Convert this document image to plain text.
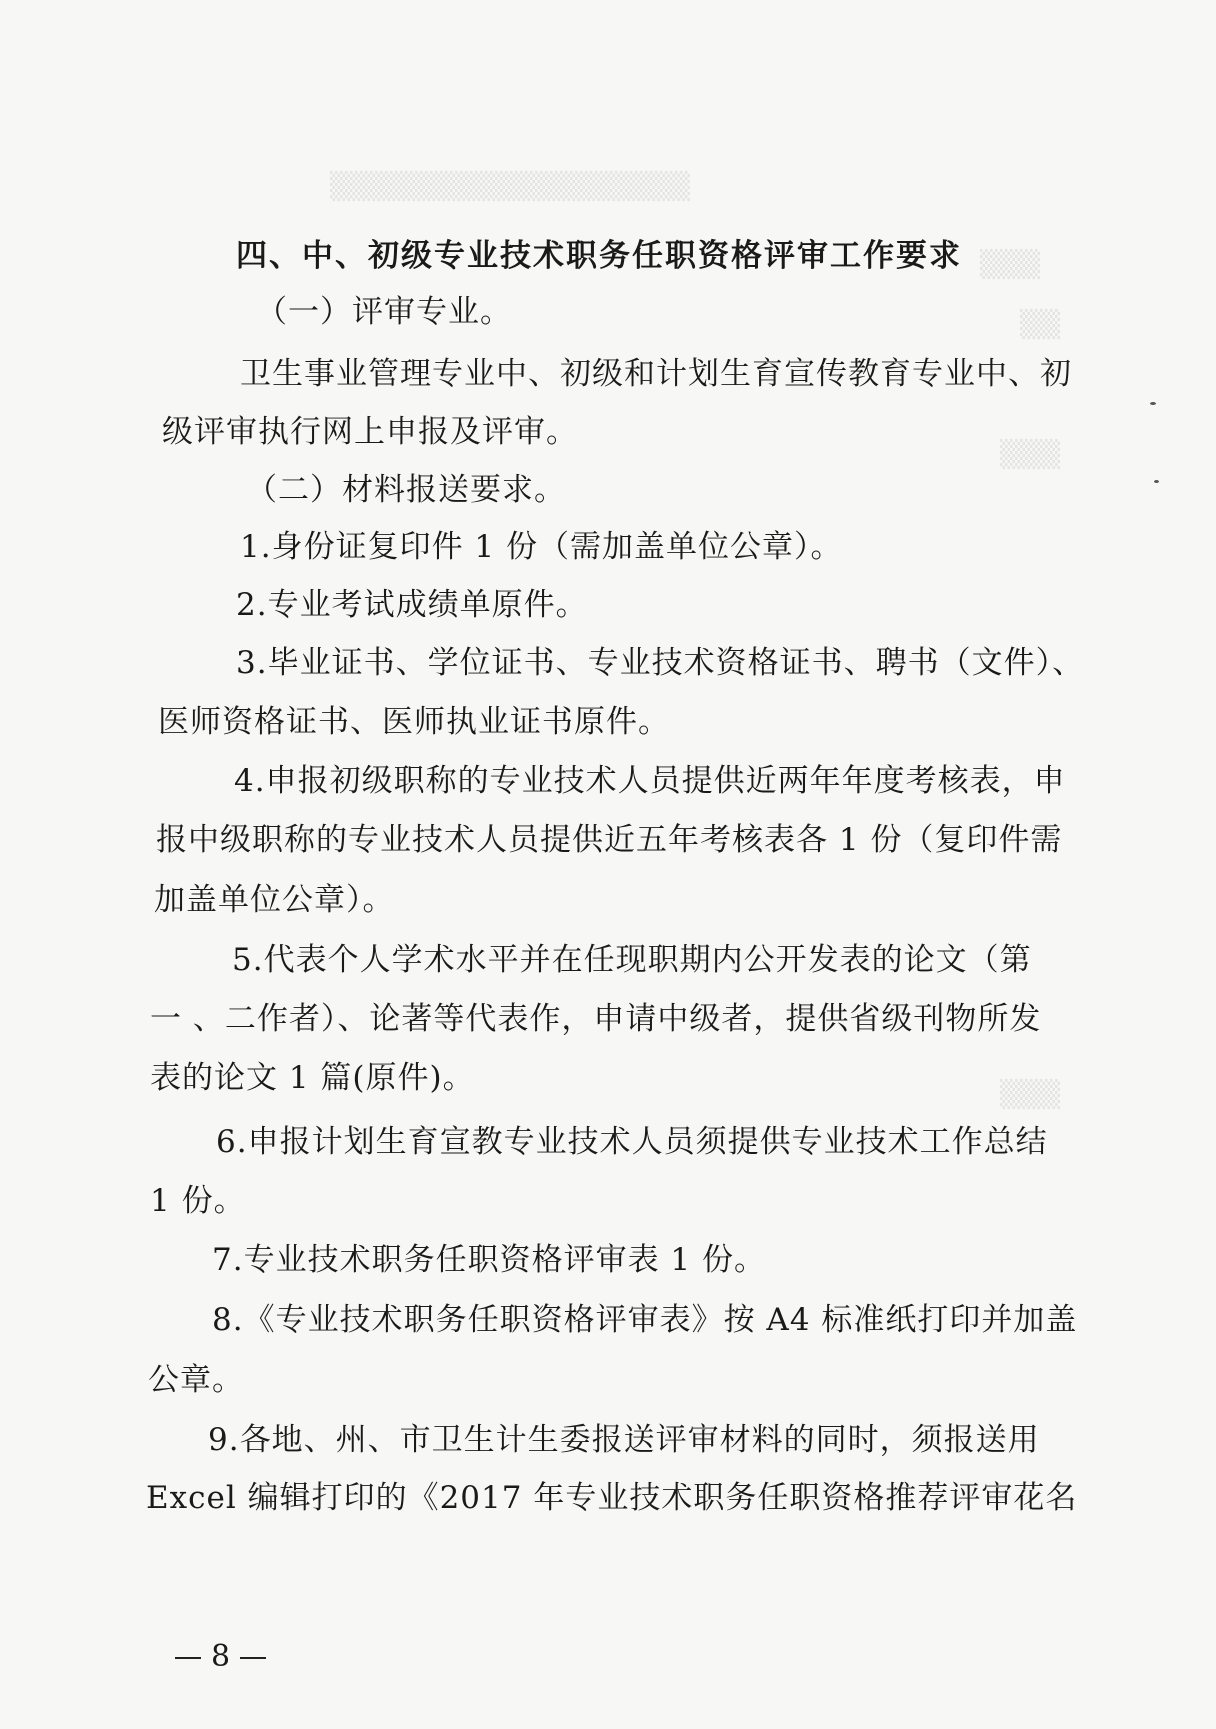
▒▒▒▒▒▒▒▒▒▒▒▒▒▒▒▒▒▒
▒▒▒
▒▒
▒▒▒
▒▒▒
四、中、初级专业技术职务任职资格评审工作要求
（一）评审专业。
卫生事业管理专业中、初级和计划生育宣传教育专业中、初
级评审执行网上申报及评审。
（二）材料报送要求。
1.身份证复印件 1 份（需加盖单位公章）。
2.专业考试成绩单原件。
3.毕业证书、学位证书、专业技术资格证书、聘书（文件）、
医师资格证书、医师执业证书原件。
4.申报初级职称的专业技术人员提供近两年年度考核表，申
报中级职称的专业技术人员提供近五年考核表各 1 份（复印件需
加盖单位公章）。
5.代表个人学术水平并在任现职期内公开发表的论文（第
一 、二作者）、论著等代表作，申请中级者，提供省级刊物所发
表的论文 1 篇(原件)。
6.申报计划生育宣教专业技术人员须提供专业技术工作总结
1 份。
7.专业技术职务任职资格评审表 1 份。
8.《专业技术职务任职资格评审表》按 A4 标准纸打印并加盖
公章。
9.各地、州、市卫生计生委报送评审材料的同时，须报送用
Excel 编辑打印的《2017 年专业技术职务任职资格推荐评审花名
8
